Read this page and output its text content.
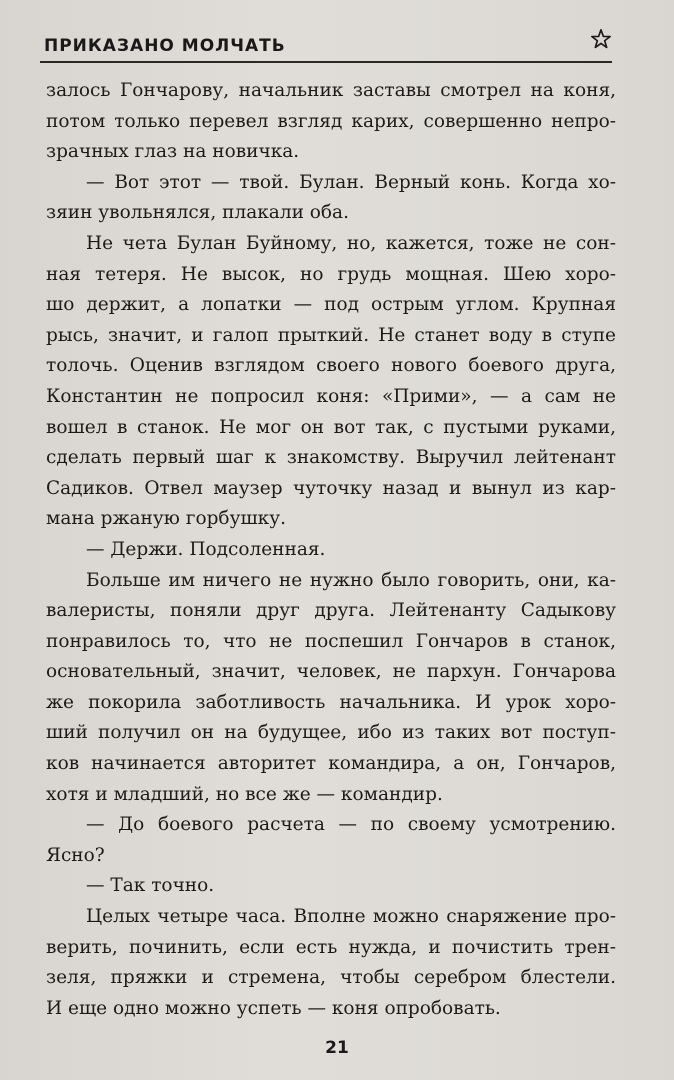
ПРИКАЗАНО МОЛЧАТЬ
залось Гончарову, начальник заставы смотрел на коня,
потом только перевел взгляд карих, совершенно непро-
зрачных глаз на новичка.
— Вот этот — твой. Булан. Верный конь. Когда хо-
зяин увольнялся, плакали оба.
Не чета Булан Буйному, но, кажется, тоже не сон-
ная тетеря. Не высок, но грудь мощная. Шею хоро-
шо держит, а лопатки — под острым углом. Крупная
рысь, значит, и галоп прыткий. Не станет воду в ступе
толочь. Оценив взглядом своего нового боевого друга,
Константин не попросил коня: «Прими», — а сам не
вошел в станок. Не мог он вот так, с пустыми руками,
сделать первый шаг к знакомству. Выручил лейтенант
Садиков. Отвел маузер чуточку назад и вынул из кар-
мана ржаную горбушку.
— Держи. Подсоленная.
Больше им ничего не нужно было говорить, они, ка-
валеристы, поняли друг друга. Лейтенанту Садыкову
понравилось то, что не поспешил Гончаров в станок,
основательный, значит, человек, не пархун. Гончарова
же покорила заботливость начальника. И урок хоро-
ший получил он на будущее, ибо из таких вот поступ-
ков начинается авторитет командира, а он, Гончаров,
хотя и младший, но все же — командир.
— До боевого расчета — по своему усмотрению.
Ясно?
— Так точно.
Целых четыре часа. Вполне можно снаряжение про-
верить, починить, если есть нужда, и почистить трен-
зеля, пряжки и стремена, чтобы серебром блестели.
И еще одно можно успеть — коня опробовать.
21
